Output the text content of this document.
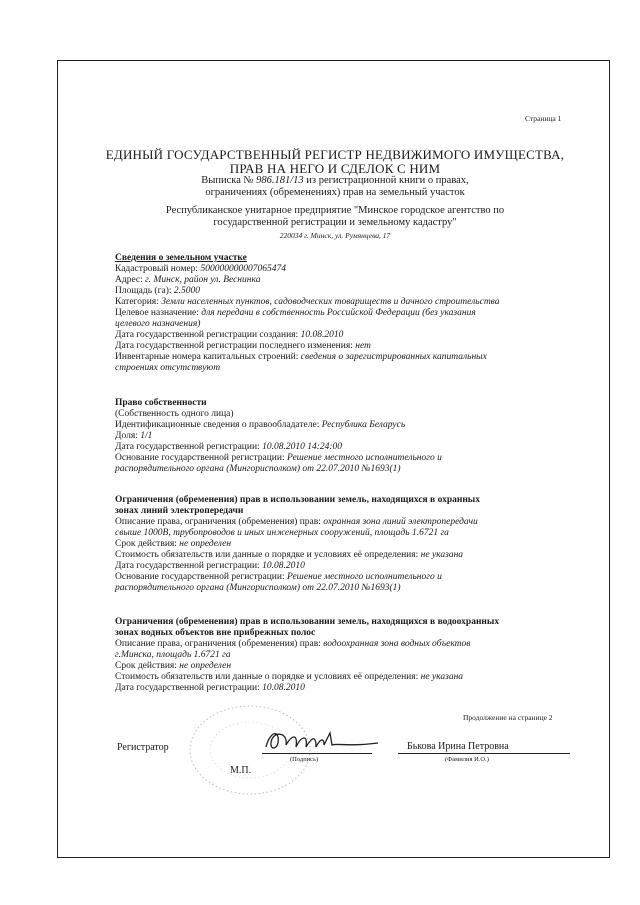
Страница 1
ЕДИНЫЙ ГОСУДАРСТВЕННЫЙ РЕГИСТР НЕДВИЖИМОГО ИМУЩЕСТВА,
ПРАВ НА НЕГО И СДЕЛОК С НИМ
Выписка № 986.181/13 из регистрационной книги о правах,
ограничениях (обременениях) прав на земельный участок
Республиканское унитарное предприятие "Минское городское агентство по
государственной регистрации и земельному кадастру"
220034 г. Минск, ул. Румянцева, 17
Сведения о земельном участке
Кадастровый номер: 500000000007065474
Адрес: г. Минск, район ул. Веснинка
Площадь (га): 2.5000
Категория: Земли населенных пунктов, садоводческих товариществ и дачного строительства
Целевое назначение: для передачи в собственность Российской Федерации (без указания
целевого назначения)
Дата государственной регистрации создания: 10.08.2010
Дата государственной регистрации последнего изменения: нет
Инвентарные номера капитальных строений: сведения о зарегистрированных капитальных
строениях отсутствуют
Право собственности
(Собственность одного лица)
Идентификационные сведения о правообладателе: Республика Беларусь
Доля: 1/1
Дата государственной регистрации: 10.08.2010 14:24:00
Основание государственной регистрации: Решение местного исполнительного и
распорядительного органа (Мингорисполком) от 22.07.2010 №1693(1)
Ограничения (обременения) прав в использовании земель, находящихся в охранных
зонах линий электропередачи
Описание права, ограничения (обременения) прав: охранная зона линий электропередачи
свыше 1000В, трубопроводов и иных инженерных сооружений, площадь 1.6721 га
Срок действия: не определен
Стоимость обязательств или данные о порядке и условиях её определения: не указана
Дата государственной регистрации: 10.08.2010
Основание государственной регистрации: Решение местного исполнительного и
распорядительного органа (Мингорисполком) от 22.07.2010 №1693(1)
Ограничения (обременения) прав в использовании земель, находящихся в водоохранных
зонах водных объектов вне прибрежных полос
Описание права, ограничения (обременения) прав: водоохранная зона водных объектов
г.Минска, площадь 1.6721 га
Срок действия: не определен
Стоимость обязательств или данные о порядке и условиях её определения: не указана
Дата государственной регистрации: 10.08.2010
Продолжение на странице 2
Регистратор
(Подпись)
Бькова Ирина Петровна
(Фамилия И.О.)
М.П.
